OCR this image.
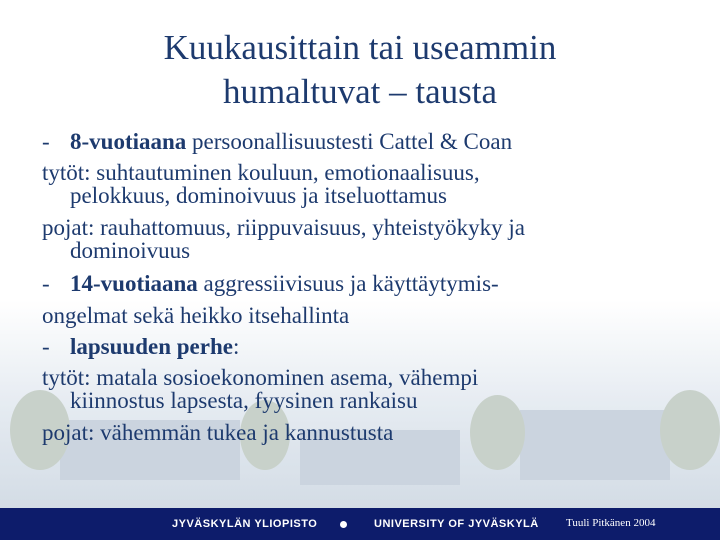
Kuukausittain tai useammin
humaltuvat – tausta
- 8-vuotiaana persoonallisuustesti Cattel & Coan
tytöt: suhtautuminen kouluun, emotionaalisuus,
pelokkuus, dominoivuus ja itseluottamus
pojat: rauhattomuus, riippuvaisuus, yhteistyökyky ja
dominoivuus
- 14-vuotiaana aggressiivisuus ja käyttäytymis-
ongelmat sekä heikko itsehallinta
- lapsuuden perhe:
tytöt: matala sosioekonominen asema, vähempi
kiinnostus lapsesta, fyysinen rankaisu
pojat: vähemmän tukea ja kannustusta
JYVÄSKYLÄN YLIOPISTO	UNIVERSITY OF JYVÄSKYLÄ Tuuli Pitkänen 2004
